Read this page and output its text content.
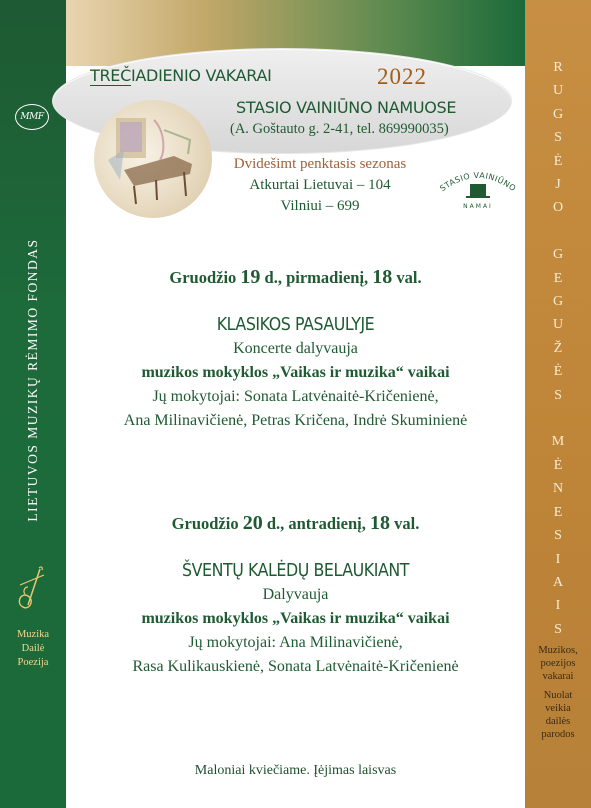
MMF
LIETUVOS MUZIKŲ RĖMIMO FONDAS
Muzika
Dailė
Poezija
R
U
G
S
Ė
J
O
G
E
G
U
Ž
Ė
S
M
Ė
N
E
S
I
A
I
S
Muzikos,
poezijos
vakarai
Nuolat
veikia
dailės
parodos
TREČIADIENIO VAKARAI	2022
STASIO VAINIŪNO NAMUOSE
(A. Goštauto g. 2-41, tel. 869990035)
Dvidešimt penktasis sezonas
Atkurtai Lietuvai – 104
Vilniui – 699
STASIO VAINIŪNO
NAMAI
Gruodžio 19 d., pirmadienį, 18 val.
KLASIKOS PASAULYJE
Koncerte dalyvauja
muzikos mokyklos „Vaikas ir muzika“ vaikai
Jų mokytojai: Sonata Latvėnaitė-Kričenienė,
Ana Milinavičienė, Petras Kričena, Indrė Skuminienė
Gruodžio 20 d., antradienį, 18 val.
ŠVENTŲ KALĖDŲ BELAUKIANT
Dalyvauja
muzikos mokyklos „Vaikas ir muzika“ vaikai
Jų mokytojai: Ana Milinavičienė,
Rasa Kulikauskienė, Sonata Latvėnaitė-Kričenienė
Maloniai kviečiame. Įėjimas laisvas
